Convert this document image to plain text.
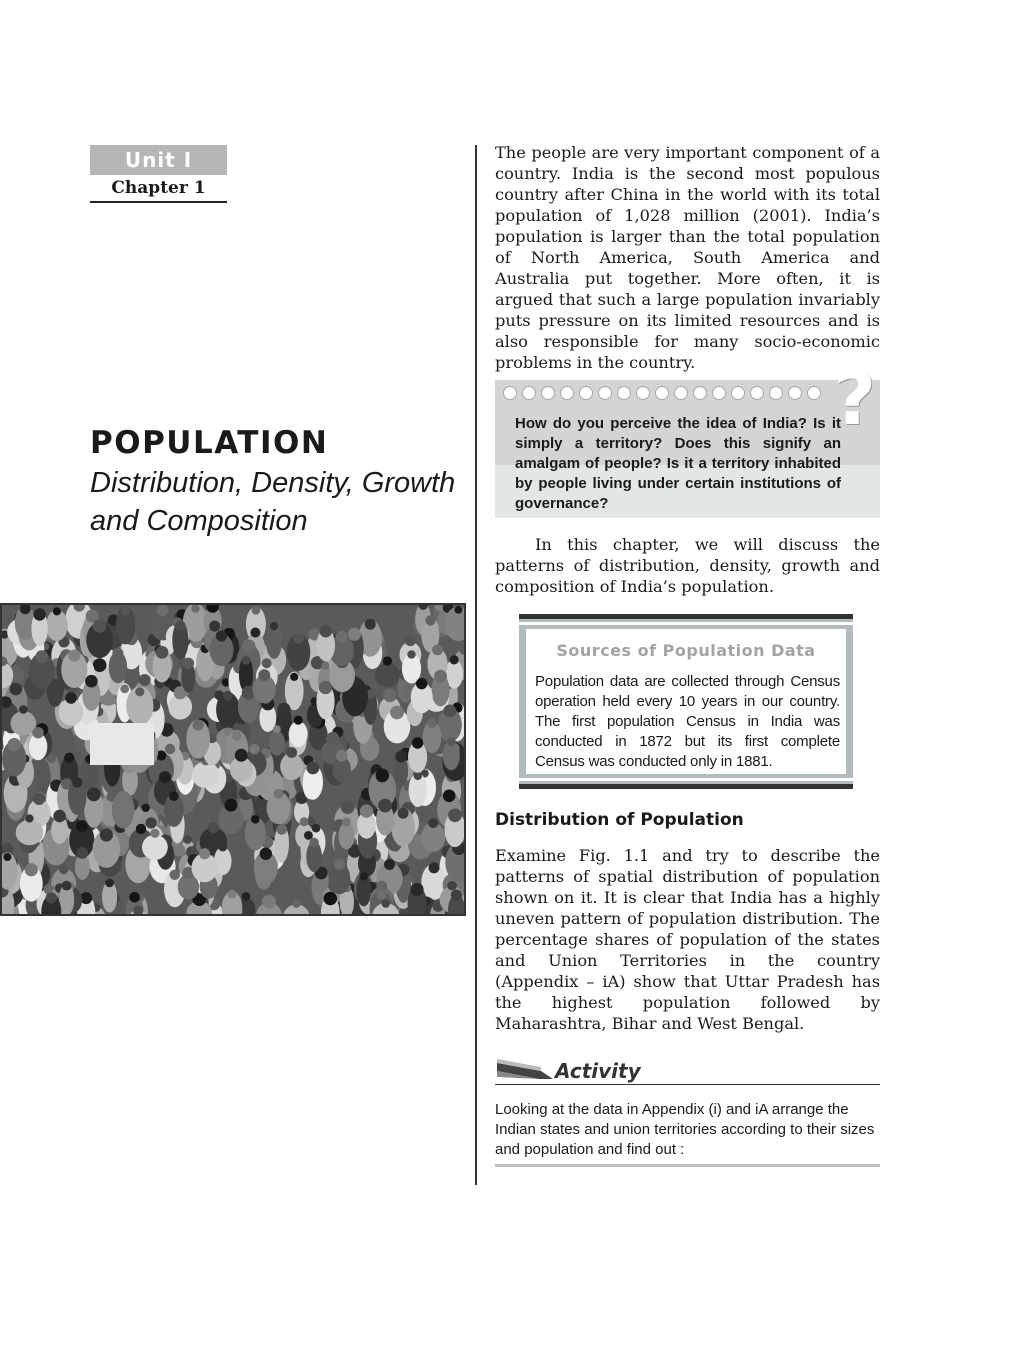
Unit I
Chapter 1
POPULATION
Distribution, Density, Growth and Composition

The people are very important component of a country. India is the second most populous country after China in the world with its total population of 1,028 million (2001). India’s population is larger than the total population of North America, South America and Australia put together. More often, it is argued that such a large population invariably puts pressure on its limited resources and is also responsible for many socio-economic problems in the country.	?

How do you perceive the idea of India? Is it simply a territory? Does this signify an amalgam of people? Is it a territory inhabited by people living under certain institutions of governance?

In this chapter, we will discuss the patterns of distribution, density, growth and composition of India’s population.

Sources of Population Data

Population data are collected through Census operation held every 10 years in our country. The first population Census in India was conducted in 1872 but its first complete Census was conducted only in 1881.

Distribution of Population

Examine Fig. 1.1 and try to describe the patterns of spatial distribution of population shown on it. It is clear that India has a highly uneven pattern of population distribution. The percentage shares of population of the states and Union Territories in the country (Appendix – iA) show that Uttar Pradesh has the highest population followed by Maharashtra, Bihar and West Bengal.

Activity

Looking at the data in Appendix (i) and iA arrange the Indian states and union territories according to their sizes and population and find out :
